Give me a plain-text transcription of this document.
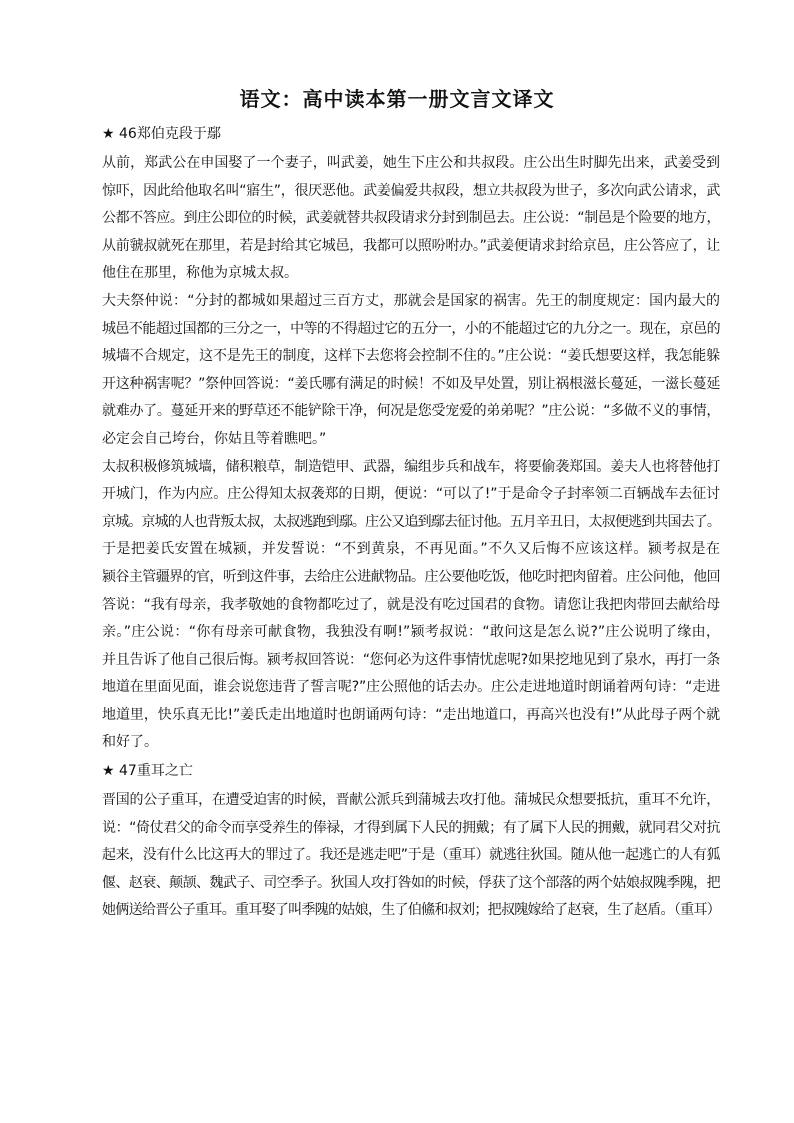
语文：高中读本第一册文言文译文
★ 46郑伯克段于鄢

从前，郑武公在申国娶了一个妻子，叫武姜，她生下庄公和共叔段。庄公出生时脚先出来，武姜受到
惊吓，因此给他取名叫“寤生”，很厌恶他。武姜偏爱共叔段，想立共叔段为世子，多次向武公请求，武
公都不答应。到庄公即位的时候，武姜就替共叔段请求分封到制邑去。庄公说：“制邑是个险要的地方，
从前虢叔就死在那里，若是封给其它城邑，我都可以照吩咐办。”武姜便请求封给京邑，庄公答应了，让
他住在那里，称他为京城太叔。

大夫祭仲说：“分封的都城如果超过三百方丈，那就会是国家的祸害。先王的制度规定：国内最大的
城邑不能超过国都的三分之一，中等的不得超过它的五分一，小的不能超过它的九分之一。现在，京邑的
城墙不合规定，这不是先王的制度，这样下去您将会控制不住的。”庄公说：“姜氏想要这样，我怎能躲
开这种祸害呢？”祭仲回答说：“姜氏哪有满足的时候！不如及早处置，别让祸根滋长蔓延，一滋长蔓延
就难办了。蔓延开来的野草还不能铲除干净，何况是您受宠爱的弟弟呢？”庄公说：“多做不义的事情，
必定会自己垮台，你姑且等着瞧吧。”

太叔积极修筑城墙，储积粮草，制造铠甲、武器，编组步兵和战车，将要偷袭郑国。姜夫人也将替他打
开城门，作为内应。庄公得知太叔袭郑的日期，便说：“可以了!”于是命令子封率领二百辆战车去征讨
京城。京城的人也背叛太叔，太叔逃跑到鄢。庄公又追到鄢去征讨他。五月辛丑日，太叔便逃到共国去了。

于是把姜氏安置在城颍，并发誓说：“不到黄泉，不再见面。”不久又后悔不应该这样。颍考叔是在
颍谷主管疆界的官，听到这件事，去给庄公进献物品。庄公要他吃饭，他吃时把肉留着。庄公问他，他回
答说：“我有母亲，我孝敬她的食物都吃过了，就是没有吃过国君的食物。请您让我把肉带回去献给母
亲。”庄公说：“你有母亲可献食物，我独没有啊!”颍考叔说：“敢问这是怎么说?”庄公说明了缘由，
并且告诉了他自己很后悔。颍考叔回答说：“您何必为这件事情忧虑呢?如果挖地见到了泉水，再打一条
地道在里面见面，谁会说您违背了誓言呢?”庄公照他的话去办。庄公走进地道时朗诵着两句诗：“走进
地道里，快乐真无比!”姜氏走出地道时也朗诵两句诗：“走出地道口，再高兴也没有!”从此母子两个就
和好了。

★ 47重耳之亡

晋国的公子重耳，在遭受迫害的时候，晋献公派兵到蒲城去攻打他。蒲城民众想要抵抗，重耳不允许，
说：“倚仗君父的命令而享受养生的俸禄，才得到属下人民的拥戴；有了属下人民的拥戴，就同君父对抗
起来，没有什么比这再大的罪过了。我还是逃走吧”于是（重耳）就逃往狄国。随从他一起逃亡的人有狐
偃、赵衰、颠颉、魏武子、司空季子。狄国人攻打咎如的时候，俘获了这个部落的两个姑娘叔隗季隗，把
她俩送给晋公子重耳。重耳娶了叫季隗的姑娘，生了伯鯈和叔刘；把叔隗嫁给了赵衰，生了赵盾。（重耳）
